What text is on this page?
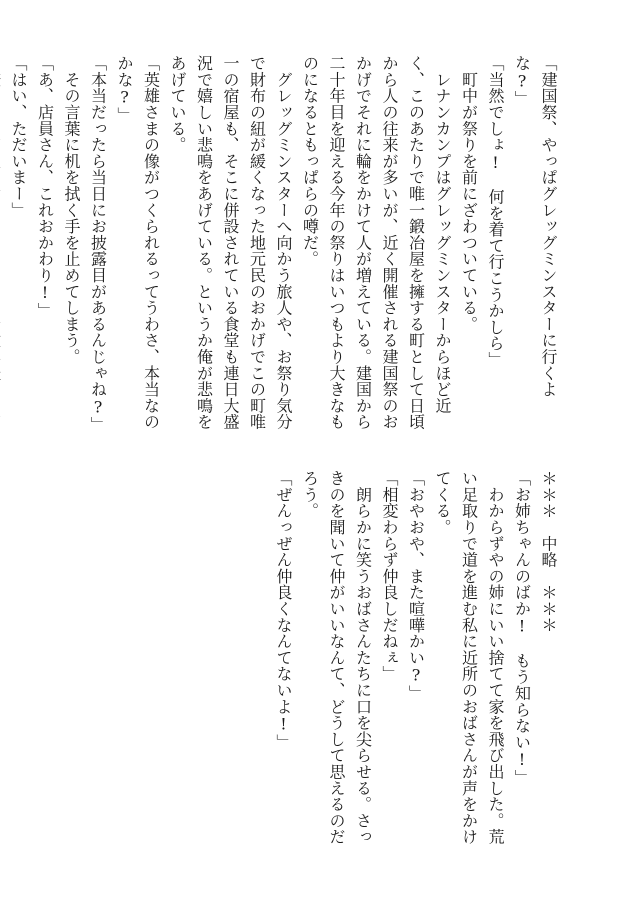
「建国祭、やっぱグレッグミンスターに行くよな?」
「当然でしょ!　何を着て行こうかしら」
　町中が祭りを前にざわついている。
　レナンカンプはグレッグミンスターからほど近く、このあたりで唯一鍛冶屋を擁する町として日頃から人の往来が多いが、近く開催される建国祭のおかげでそれに輪をかけて人が増えている。建国から二十年目を迎える今年の祭りはいつもより大きなものになるともっぱらの噂だ。
　グレッグミンスターへ向かう旅人や、お祭り気分で財布の紐が緩くなった地元民のおかげでこの町唯一の宿屋も、そこに併設されている食堂も連日大盛況で嬉しい悲鳴をあげている。というか俺が悲鳴をあげている。
「英雄さまの像がつくられるってうわさ、本当なのかな?」
「本当だったら当日にお披露目があるんじゃね?」
　その言葉に机を拭く手を止めてしまう。
「あ、店員さん、これおかわり!」
「はい、ただいまー」

＊＊＊　中略　＊＊＊
「お姉ちゃんのばか!　もう知らない!」
　わからずやの姉にいい捨てて家を飛び出した。荒い足取りで道を進む私に近所のおばさんが声をかけてくる。
「おやおや、また喧嘩かい?」
「相変わらず仲良しだねぇ」
　朗らかに笑うおばさんたちに口を尖らせる。さっきのを聞いて仲がいいなんて、どうして思えるのだろう。
「ぜんっぜん仲良くなんてないよ!」
